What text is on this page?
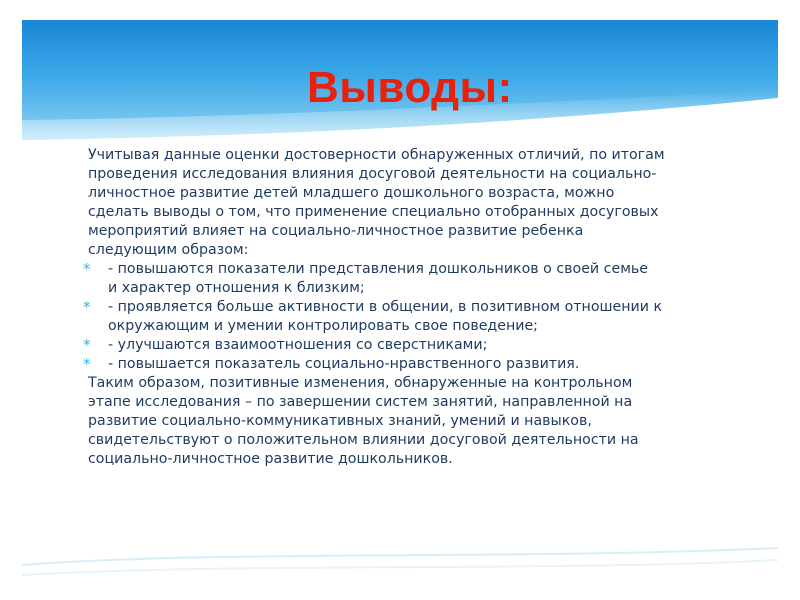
Выводы:

Учитывая данные оценки достоверности обнаруженных отличий, по итогам
проведения исследования влияния досуговой деятельности на социально-
личностное развитие детей младшего дошкольного возраста, можно
сделать выводы о том, что применение специально отобранных досуговых
мероприятий влияет на социально-личностное развитие ребенка
следующим образом:

* - повышаются показатели представления дошкольников о своей семье
и характер отношения к близким;
* - проявляется больше активности в общении, в позитивном отношении к
окружающим и умении контролировать свое поведение;
* - улучшаются взаимоотношения со сверстниками;
* - повышается показатель социально-нравственного развития.

Таким образом, позитивные изменения, обнаруженные на контрольном
этапе исследования – по завершении систем занятий, направленной на
развитие социально-коммуникативных знаний, умений и навыков,
свидетельствуют о положительном влиянии досуговой деятельности на
социально-личностное развитие дошкольников.
